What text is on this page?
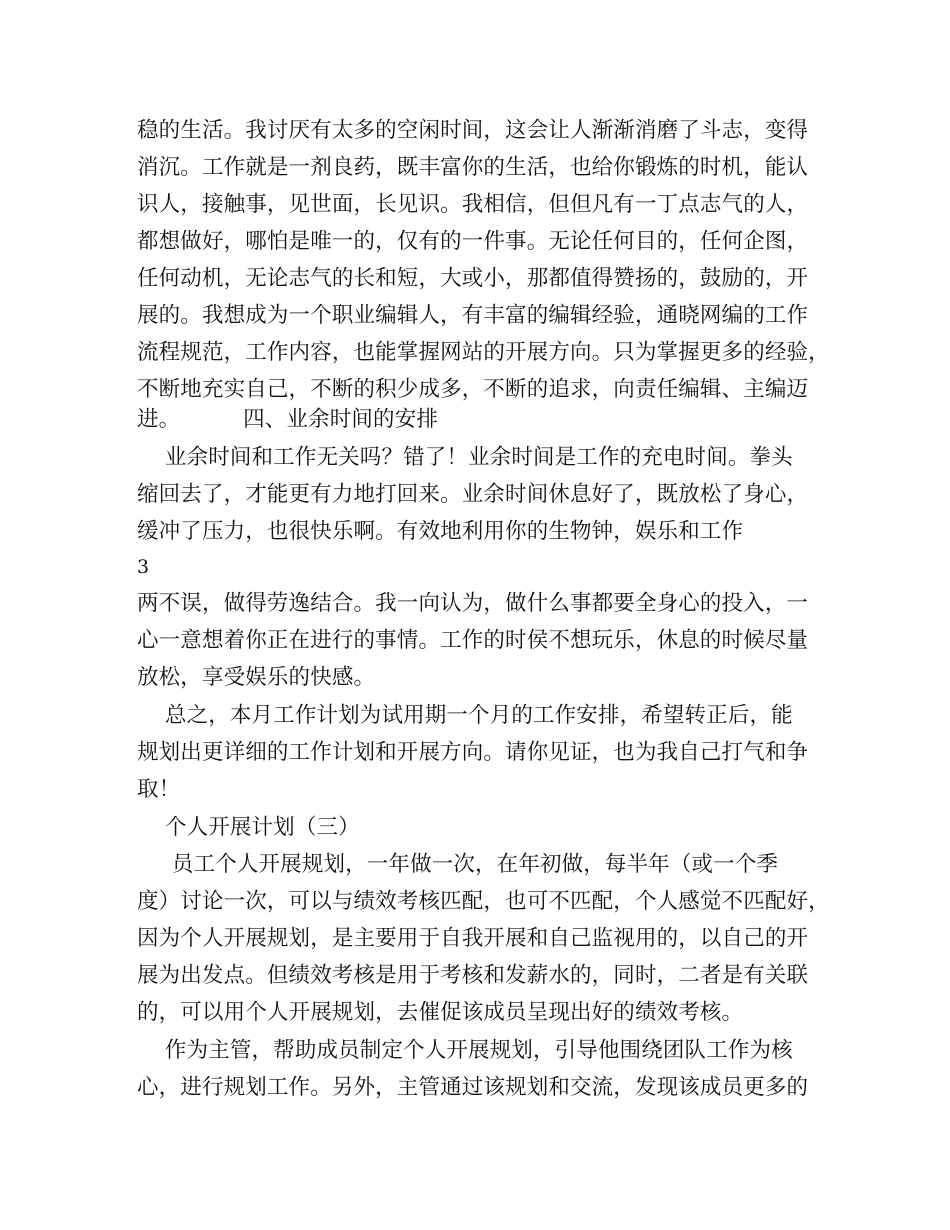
稳的生活。我讨厌有太多的空闲时间，这会让人渐渐消磨了斗志，变得
消沉。工作就是一剂良药，既丰富你的生活，也给你锻炼的时机，能认
识人，接触事，见世面，长见识。我相信，但但凡有一丁点志气的人，
都想做好，哪怕是唯一的，仅有的一件事。无论任何目的，任何企图，
任何动机，无论志气的长和短，大或小，那都值得赞扬的，鼓励的，开
展的。我想成为一个职业编辑人，有丰富的编辑经验，通晓网编的工作
流程规范，工作内容，也能掌握网站的开展方向。只为掌握更多的经验，
不断地充实自己，不断的积少成多，不断的追求，向责任编辑、主编迈
进。         四、业余时间的安排
业余时间和工作无关吗？错了！业余时间是工作的充电时间。拳头
缩回去了，才能更有力地打回来。业余时间休息好了，既放松了身心，
缓冲了压力，也很快乐啊。有效地利用你的生物钟，娱乐和工作
3
两不误，做得劳逸结合。我一向认为，做什么事都要全身心的投入，一
心一意想着你正在进行的事情。工作的时侯不想玩乐，休息的时候尽量
放松，享受娱乐的快感。
总之，本月工作计划为试用期一个月的工作安排，希望转正后，能
规划出更详细的工作计划和开展方向。请你见证，也为我自己打气和争
取！
个人开展计划（三）
员工个人开展规划，一年做一次，在年初做，每半年（或一个季
度）讨论一次，可以与绩效考核匹配，也可不匹配，个人感觉不匹配好，
因为个人开展规划，是主要用于自我开展和自己监视用的，以自己的开
展为出发点。但绩效考核是用于考核和发薪水的，同时，二者是有关联
的，可以用个人开展规划，去催促该成员呈现出好的绩效考核。
作为主管，帮助成员制定个人开展规划，引导他围绕团队工作为核
心，进行规划工作。另外，主管通过该规划和交流，发现该成员更多的
